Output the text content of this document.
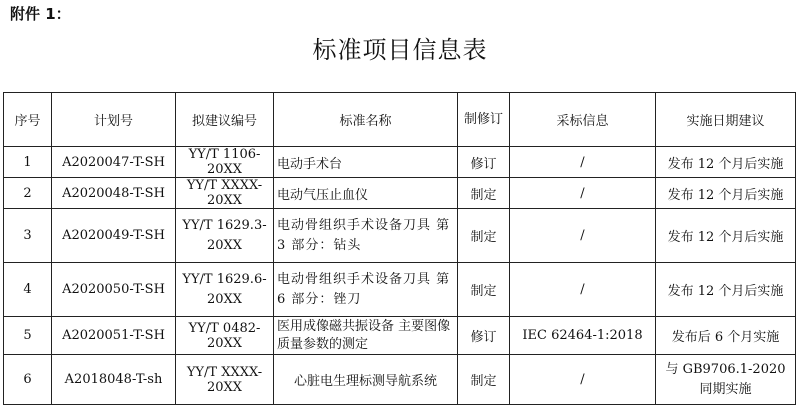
附件 1：
标准项目信息表
序号	计划号	拟建议编号	标准名称	制修订	采标信息	实施日期建议
1	A2020047-T-SH	YY/T 1106-20XX	电动手术台	修订	/	发布 12 个月后实施
2	A2020048-T-SH	YY/T XXXX-20XX	电动气压止血仪	制定	/	发布 12 个月后实施
3	A2020049-T-SH	YY/T 1629.3-20XX	电动骨组织手术设备刀具 第 3 部分：钻头	制定	/	发布 12 个月后实施
4	A2020050-T-SH	YY/T 1629.6-20XX	电动骨组织手术设备刀具 第 6 部分：锉刀	制定	/	发布 12 个月后实施
5	A2020051-T-SH	YY/T 0482-20XX	医用成像磁共振设备 主要图像质量参数的测定	修订	IEC 62464-1:2018	发布后 6 个月实施
6	A2018048-T-sh	YY/T XXXX-20XX	心脏电生理标测导航系统	制定	/	与 GB9706.1-2020 同期实施
